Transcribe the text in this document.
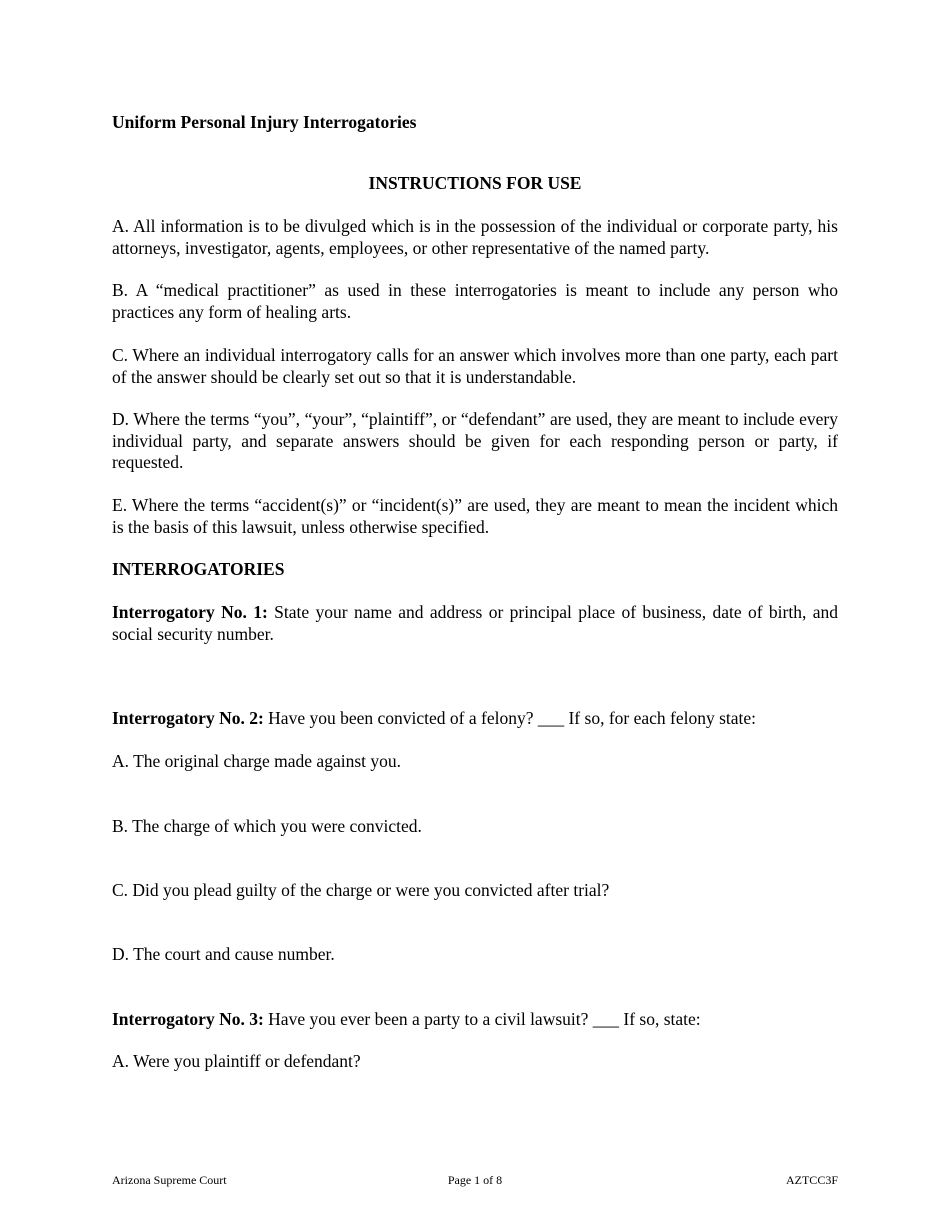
Uniform Personal Injury Interrogatories

INSTRUCTIONS FOR USE

A. All information is to be divulged which is in the possession of the individual or corporate party, his attorneys, investigator, agents, employees, or other representative of the named party.

B. A “medical practitioner” as used in these interrogatories is meant to include any person who practices any form of healing arts.

C. Where an individual interrogatory calls for an answer which involves more than one party, each part of the answer should be clearly set out so that it is understandable.

D. Where the terms “you”, “your”, “plaintiff”, or “defendant” are used, they are meant to include every individual party, and separate answers should be given for each responding person or party, if requested.

E. Where the terms “accident(s)” or “incident(s)” are used, they are meant to mean the incident which is the basis of this lawsuit, unless otherwise specified.

INTERROGATORIES

Interrogatory No. 1: State your name and address or principal place of business, date of birth, and social security number.

Interrogatory No. 2: Have you been convicted of a felony? ___ If so, for each felony state:

A. The original charge made against you.

B. The charge of which you were convicted.

C. Did you plead guilty of the charge or were you convicted after trial?

D. The court and cause number.

Interrogatory No. 3: Have you ever been a party to a civil lawsuit? ___ If so, state:

A. Were you plaintiff or defendant?

Arizona Supreme Court	Page 1 of 8	AZTCC3F
